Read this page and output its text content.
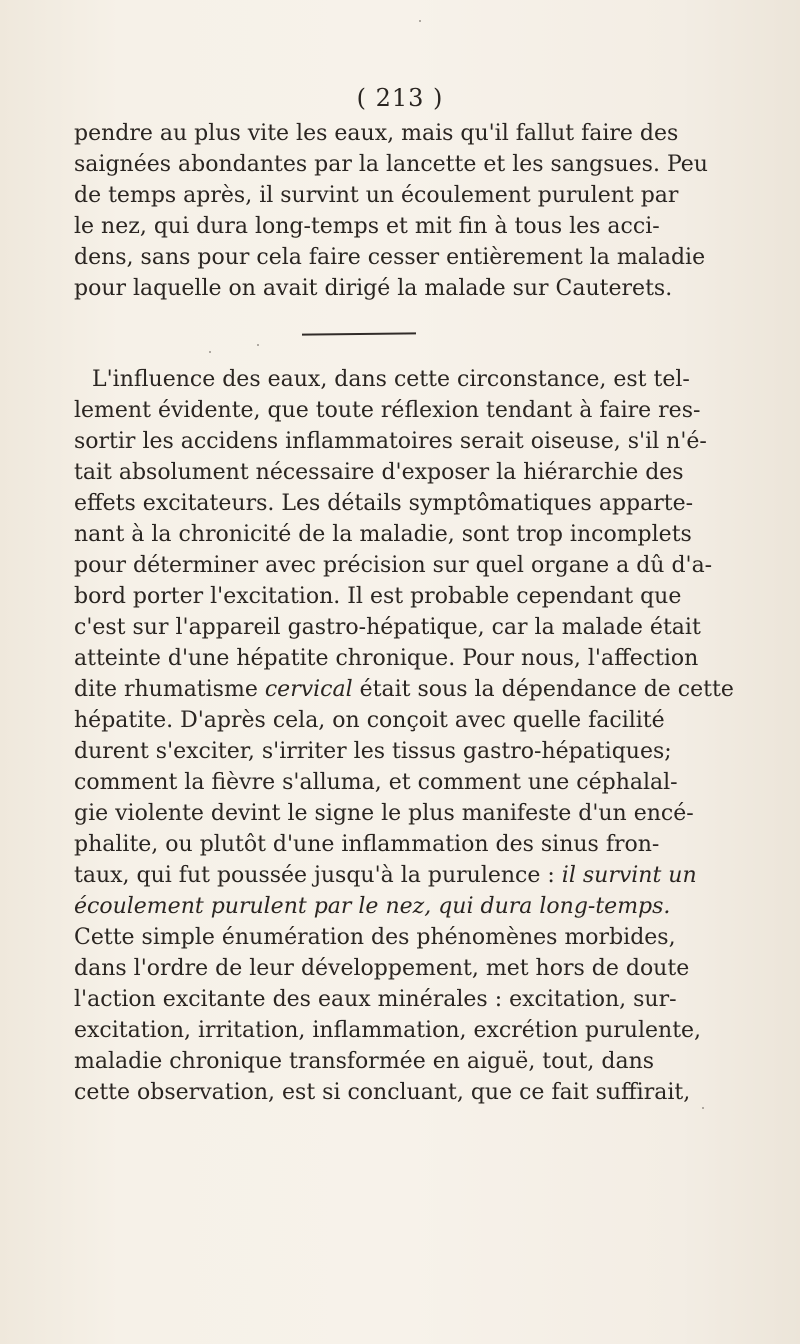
( 213 )
pendre au plus vite les eaux, mais qu'il fallut faire des
saignées abondantes par la lancette et les sangsues. Peu
de temps après, il survint un écoulement purulent par
le nez, qui dura long-temps et mit fin à tous les acci-
dens, sans pour cela faire cesser entièrement la maladie
pour laquelle on avait dirigé la malade sur Cauterets.
L'influence des eaux, dans cette circonstance, est tel-
lement évidente, que toute réflexion tendant à faire res-
sortir les accidens inflammatoires serait oiseuse, s'il n'é-
tait absolument nécessaire d'exposer la hiérarchie des
effets excitateurs. Les détails symptômatiques apparte-
nant à la chronicité de la maladie, sont trop incomplets
pour déterminer avec précision sur quel organe a dû d'a-
bord porter l'excitation. Il est probable cependant que
c'est sur l'appareil gastro-hépatique, car la malade était
atteinte d'une hépatite chronique. Pour nous, l'affection
dite rhumatisme cervical était sous la dépendance de cette
hépatite. D'après cela, on conçoit avec quelle facilité
durent s'exciter, s'irriter les tissus gastro-hépatiques;
comment la fièvre s'alluma, et comment une céphalal-
gie violente devint le signe le plus manifeste d'un encé-
phalite, ou plutôt d'une inflammation des sinus fron-
taux, qui fut poussée jusqu'à la purulence : il survint un
écoulement purulent par le nez, qui dura long-temps.
Cette simple énumération des phénomènes morbides,
dans l'ordre de leur développement, met hors de doute
l'action excitante des eaux minérales : excitation, sur-
excitation, irritation, inflammation, excrétion purulente,
maladie chronique transformée en aiguë, tout, dans
cette observation, est si concluant, que ce fait suffirait,
